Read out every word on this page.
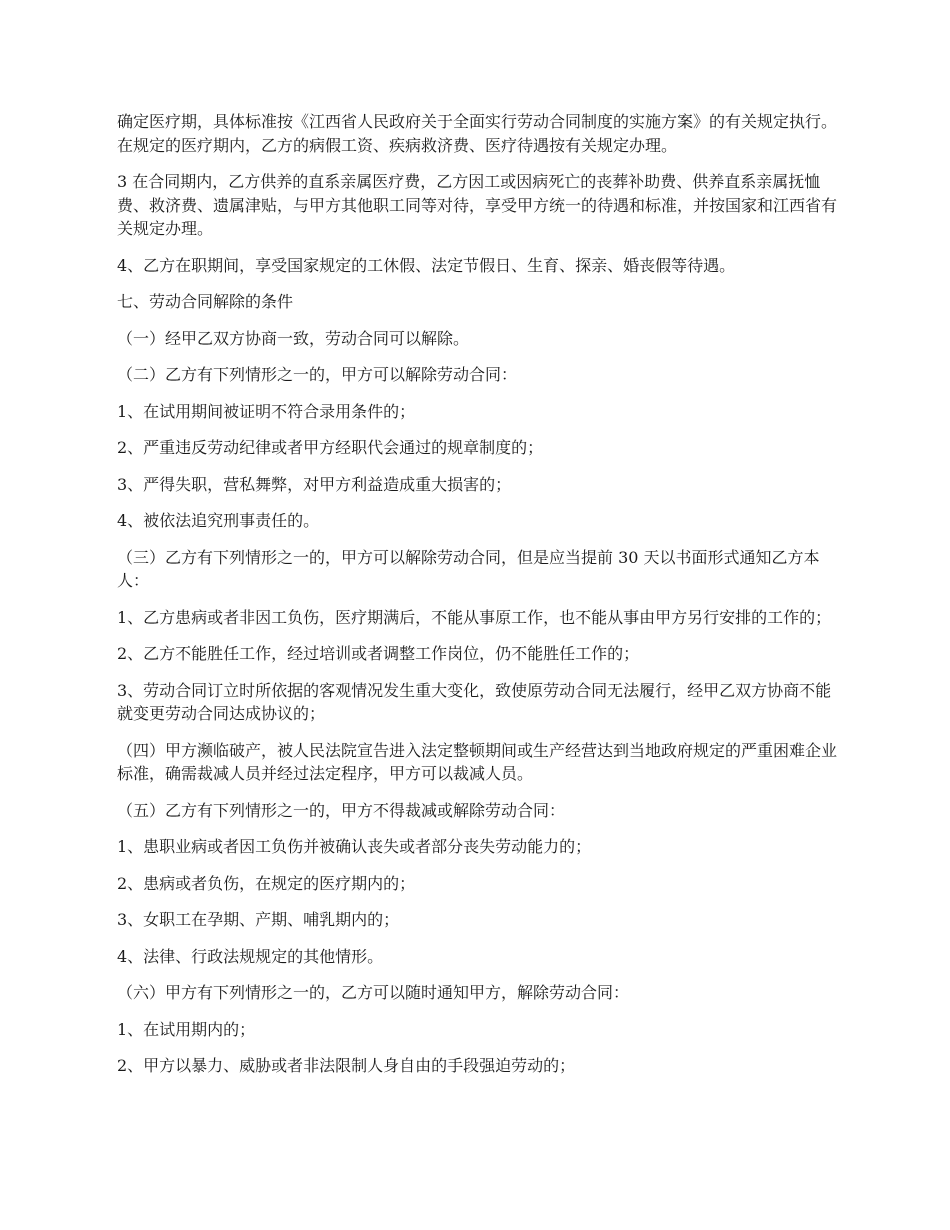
确定医疗期，具体标准按《江西省人民政府关于全面实行劳动合同制度的实施方案》的有关规定执行。在规定的医疗期内，乙方的病假工资、疾病救济费、医疗待遇按有关规定办理。

3 在合同期内，乙方供养的直系亲属医疗费，乙方因工或因病死亡的丧葬补助费、供养直系亲属抚恤费、救济费、遗属津贴，与甲方其他职工同等对待，享受甲方统一的待遇和标准，并按国家和江西省有关规定办理。

4、乙方在职期间，享受国家规定的工休假、法定节假日、生育、探亲、婚丧假等待遇。

七、劳动合同解除的条件

（一）经甲乙双方协商一致，劳动合同可以解除。

（二）乙方有下列情形之一的，甲方可以解除劳动合同：

1、在试用期间被证明不符合录用条件的；

2、严重违反劳动纪律或者甲方经职代会通过的规章制度的；

3、严得失职，营私舞弊，对甲方利益造成重大损害的；

4、被依法追究刑事责任的。

（三）乙方有下列情形之一的，甲方可以解除劳动合同，但是应当提前 30 天以书面形式通知乙方本人：

1、乙方患病或者非因工负伤，医疗期满后，不能从事原工作，也不能从事由甲方另行安排的工作的；

2、乙方不能胜任工作，经过培训或者调整工作岗位，仍不能胜任工作的；

3、劳动合同订立时所依据的客观情况发生重大变化，致使原劳动合同无法履行，经甲乙双方协商不能就变更劳动合同达成协议的；

（四）甲方濒临破产，被人民法院宣告进入法定整顿期间或生产经营达到当地政府规定的严重困难企业标准，确需裁减人员并经过法定程序，甲方可以裁减人员。

（五）乙方有下列情形之一的，甲方不得裁减或解除劳动合同：

1、患职业病或者因工负伤并被确认丧失或者部分丧失劳动能力的；

2、患病或者负伤，在规定的医疗期内的；

3、女职工在孕期、产期、哺乳期内的；

4、法律、行政法规规定的其他情形。

（六）甲方有下列情形之一的，乙方可以随时通知甲方，解除劳动合同：

1、在试用期内的；

2、甲方以暴力、威胁或者非法限制人身自由的手段强迫劳动的；
